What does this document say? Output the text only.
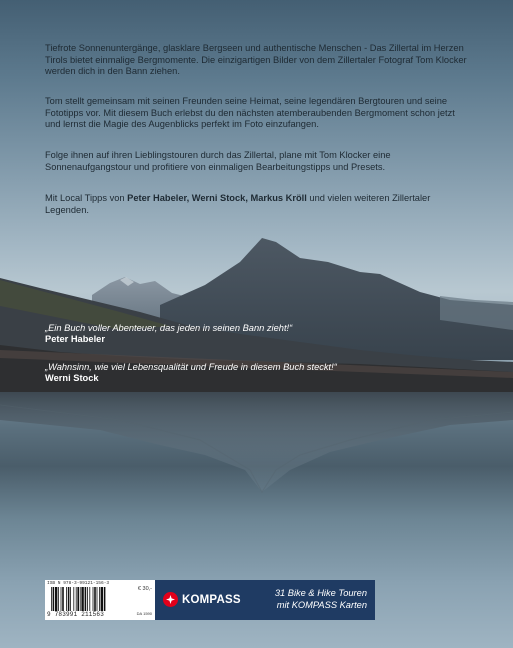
Tiefrote Sonnenuntergänge, glasklare Bergseen und authentische Menschen - Das Zillertal im Herzen Tirols bietet einmalige Bergmomente. Die einzigartigen Bilder von dem Zillertaler Fotograf Tom Klocker werden dich in den Bann ziehen.

Tom stellt gemeinsam mit seinen Freunden seine Heimat, seine legendären Bergtouren und seine Fototipps vor. Mit diesem Buch erlebst du den nächsten atemberaubenden Bergmoment schon jetzt und lernst die Magie des Augenblicks perfekt im Foto einzufangen.

Folge ihnen auf ihren Lieblingstouren durch das Zillertal, plane mit Tom Klocker eine Sonnenaufgangstour und profitiere von einmaligen Bearbeitungstipps und Presets.

Mit Local Tipps von Peter Habeler, Werni Stock, Markus Kröll und vielen weiteren Zillertaler Legenden.

„Ein Buch voller Abenteuer, das jeden in seinen Bann zieht!“
Peter Habeler
„Wahnsinn, wie viel Lebensqualität und Freude in diesem Buch steckt!“
Werni Stock
ISB N 978-3-99121-156-3
€ 30,-
9 783991 211563	DA 1590
KOMPASS
31 Bike & Hike Touren
mit KOMPASS Karten
